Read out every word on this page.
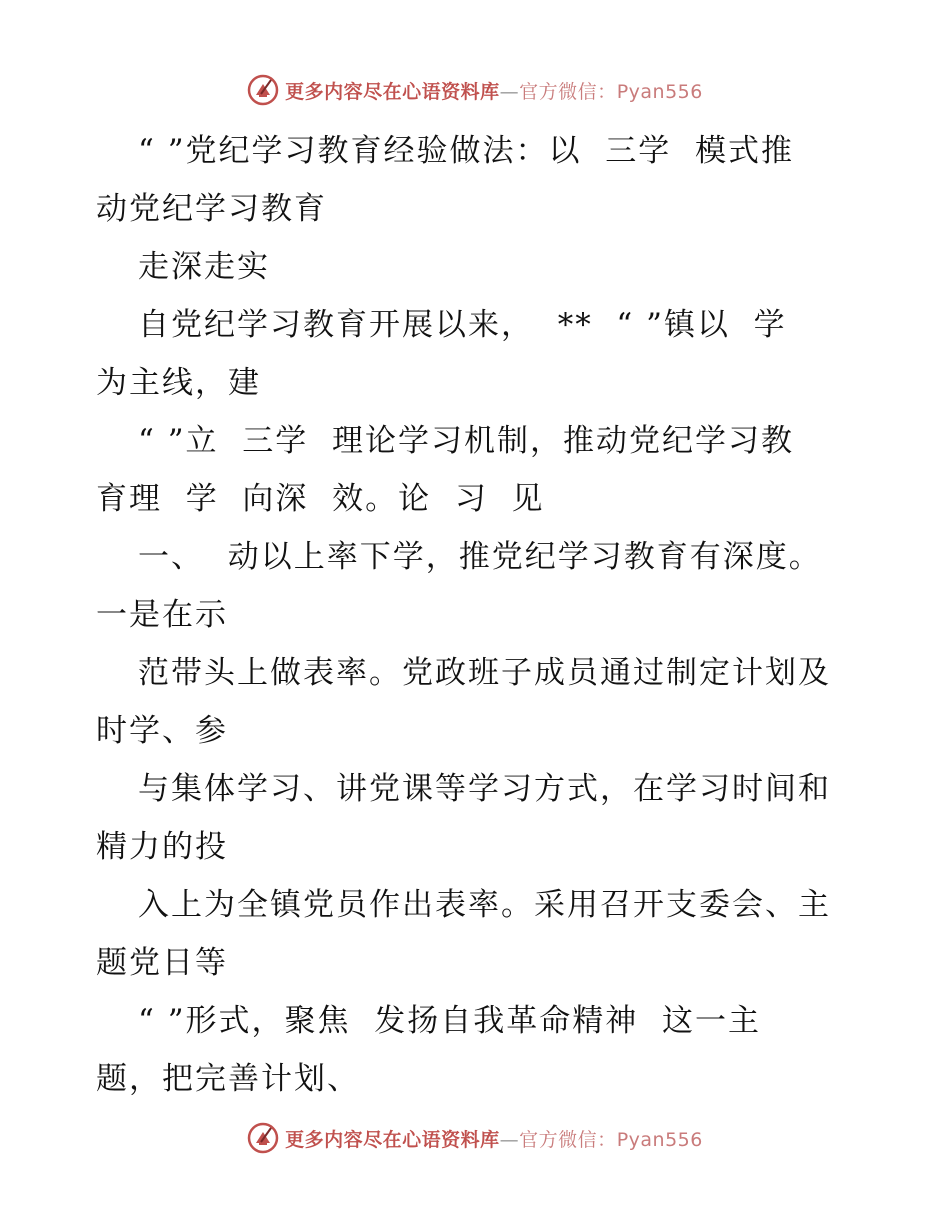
更多内容尽在心语资料库—官方微信：Pyan556
“ ”党纪学习教育经验做法：以  三学  模式推
动党纪学习教育
走深走实
自党纪学习教育开展以来，  **  “ ”镇以  学
为主线，建
“ ”立  三学  理论学习机制，推动党纪学习教
育理  学  向深  效。论  习  见
一、  动以上率下学，推党纪学习教育有深度。
一是在示
范带头上做表率。党政班子成员通过制定计划及
时学、参
与集体学习、讲党课等学习方式，在学习时间和
精力的投
入上为全镇党员作出表率。采用召开支委会、主
题党日等
“ ”形式，聚焦  发扬自我革命精神  这一主
题，把完善计划、
更多内容尽在心语资料库—官方微信：Pyan556
